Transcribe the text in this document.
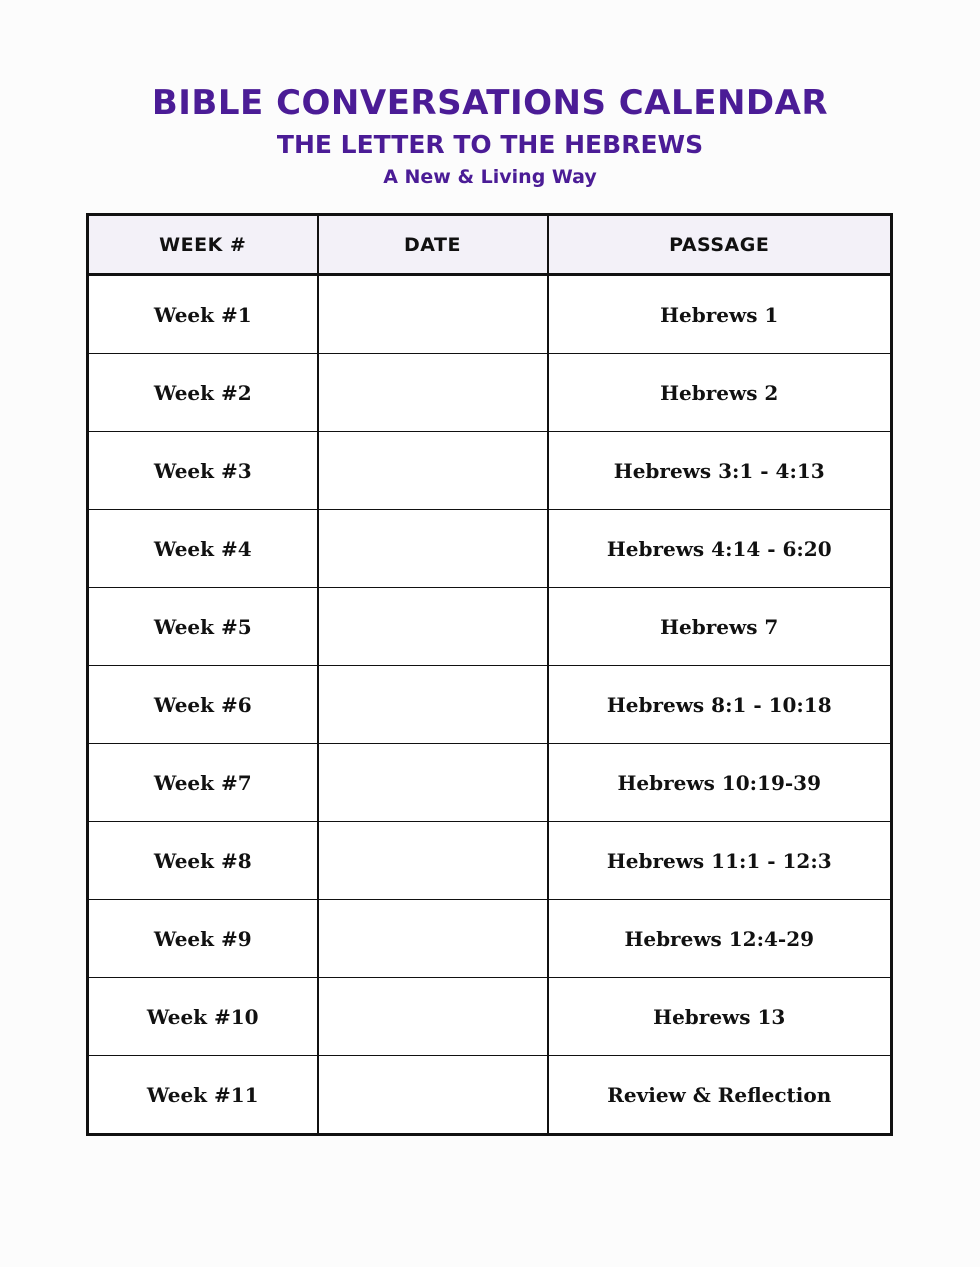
BIBLE CONVERSATIONS CALENDAR
THE LETTER TO THE HEBREWS
A New & Living Way
WEEK #	DATE	PASSAGE
Week #1		Hebrews 1
Week #2		Hebrews 2
Week #3		Hebrews 3:1 - 4:13
Week #4		Hebrews 4:14 - 6:20
Week #5		Hebrews 7
Week #6		Hebrews 8:1 - 10:18
Week #7		Hebrews 10:19-39
Week #8		Hebrews 11:1 - 12:3
Week #9		Hebrews 12:4-29
Week #10		Hebrews 13
Week #11		Review & Reflection
